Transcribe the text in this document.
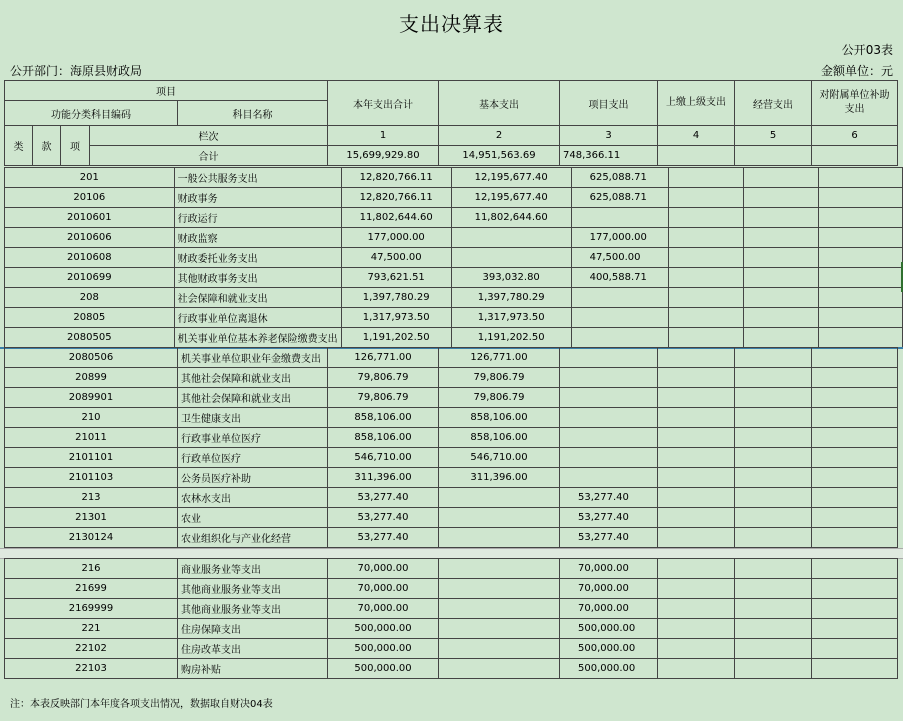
支出决算表
公开03表
公开部门：海原县财政局	金额单位：元
项目					本年支出合计	基本支出	项目支出	上缴上级支出	经营支出	对附属单位补助支出
功能分类科目编码				科目名称						
类	款	项	栏次		1	2	3	4	5	6
			合计		15,699,929.80	14,951,563.69	748,366.11			
201	一般公共服务支出	12,820,766.11	12,195,677.40	625,088.71			
20106	财政事务	12,820,766.11	12,195,677.40	625,088.71			
2010601	行政运行	11,802,644.60	11,802,644.60				
2010606	财政监察	177,000.00		177,000.00			
2010608	财政委托业务支出	47,500.00		47,500.00			
2010699	其他财政事务支出	793,621.51	393,032.80	400,588.71			
208	社会保障和就业支出	1,397,780.29	1,397,780.29				
20805	行政事业单位离退休	1,317,973.50	1,317,973.50				
2080505	机关事业单位基本养老保险缴费支出	1,191,202.50	1,191,202.50				
2080506	机关事业单位职业年金缴费支出	126,771.00	126,771.00				
20899	其他社会保障和就业支出	79,806.79	79,806.79				
2089901	其他社会保障和就业支出	79,806.79	79,806.79				
210	卫生健康支出	858,106.00	858,106.00				
21011	行政事业单位医疗	858,106.00	858,106.00				
2101101	行政单位医疗	546,710.00	546,710.00				
2101103	公务员医疗补助	311,396.00	311,396.00				
213	农林水支出	53,277.40		53,277.40			
21301	农业	53,277.40		53,277.40			
2130124	农业组织化与产业化经营	53,277.40		53,277.40			
216	商业服务业等支出	70,000.00		70,000.00			
21699	其他商业服务业等支出	70,000.00		70,000.00			
2169999	其他商业服务业等支出	70,000.00		70,000.00			
221	住房保障支出	500,000.00		500,000.00			
22102	住房改革支出	500,000.00		500,000.00			
22103	购房补贴	500,000.00		500,000.00			
注：本表反映部门本年度各项支出情况，数据取自财决04表
